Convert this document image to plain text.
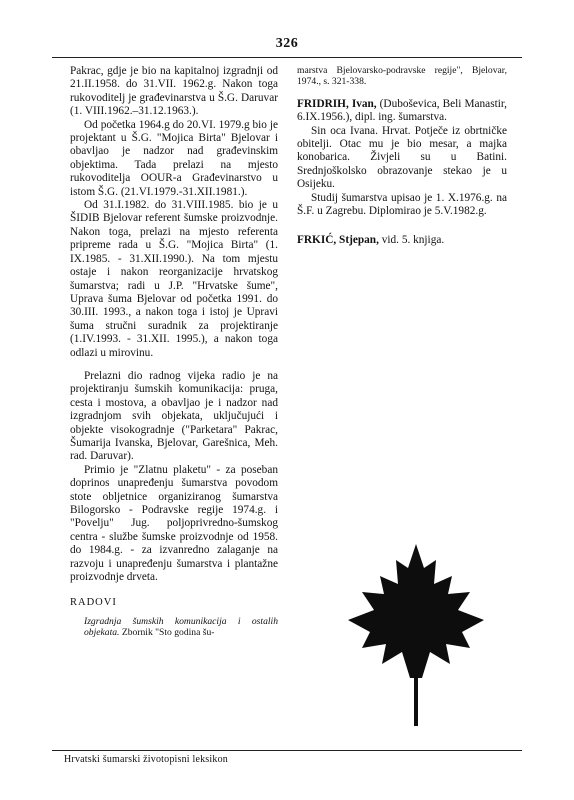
326

Pakrac, gdje je bio na kapitalnoj izgradnji od 21.II.1958. do 31.VII. 1962.g. Nakon toga rukovoditelj je građevinarstva u Š.G. Daruvar (1. VIII.1962.–31.12.1963.).

Od početka 1964.g do 20.VI. 1979.g bio je projektant u Š.G. "Mojica Birta" Bjelovar i obavljao je nadzor nad građevinskim objektima. Tada prelazi na mjesto rukovoditelja OOUR-a Građevinarstvo u istom Š.G. (21.VI.1979.-31.XII.1981.).

Od 31.I.1982. do 31.VIII.1985. bio je u ŠIDIB Bjelovar referent šumske proizvodnje. Nakon toga, prelazi na mjesto referenta pripreme rada u Š.G. "Mojica Birta" (1. IX.1985. - 31.XII.1990.). Na tom mjestu ostaje i nakon reorganizacije hrvatskog šumarstva; radi u J.P. "Hrvatske šume", Uprava šuma Bjelovar od početka 1991. do 30.III. 1993., a nakon toga i istoj je Upravi šuma stručni suradnik za projektiranje (1.IV.1993. - 31.XII. 1995.), a nakon toga odlazi u mirovinu.

Prelazni dio radnog vijeka radio je na projektiranju šumskih komunikacija: pruga, cesta i mostova, a obavljao je i nadzor nad izgradnjom svih objekata, uključujući i objekte visokogradnje ("Parketara" Pakrac, Šumarija Ivanska, Bjelovar, Garešnica, Meh. rad. Daruvar).

Primio je "Zlatnu plaketu" - za poseban doprinos unapređenju šumarstva povodom stote obljetnice organiziranog šumarstva Bilogorsko - Podravske regije 1974.g. i "Povelju" Jug. poljoprivredno-šumskog centra - službe šumske proizvodnje od 1958. do 1984.g. - za izvanredno zalaganje na razvoju i unapređenju šumarstva i plantažne proizvodnje drveta.

RADOVI

Izgradnja šumskih komunikacija i ostalih objekata. Zbornik "Sto godina šu-

marstva Bjelovarsko-podravske regije", Bjelovar, 1974., s. 321-338.

FRIDRIH, Ivan, (Duboševica, Beli Manastir, 6.IX.1956.), dipl. ing. šumarstva.

Sin oca Ivana. Hrvat. Potječe iz obrtničke obitelji. Otac mu je bio mesar, a majka konobarica. Živjeli su u Batini. Srednjoškolsko obrazovanje stekao je u Osijeku.

Studij šumarstva upisao je 1. X.1976.g. na Š.F. u Zagrebu. Diplomirao je 5.V.1982.g.

FRKIĆ, Stjepan, vid. 5. knjiga.

Hrvatski šumarski životopisni leksikon
